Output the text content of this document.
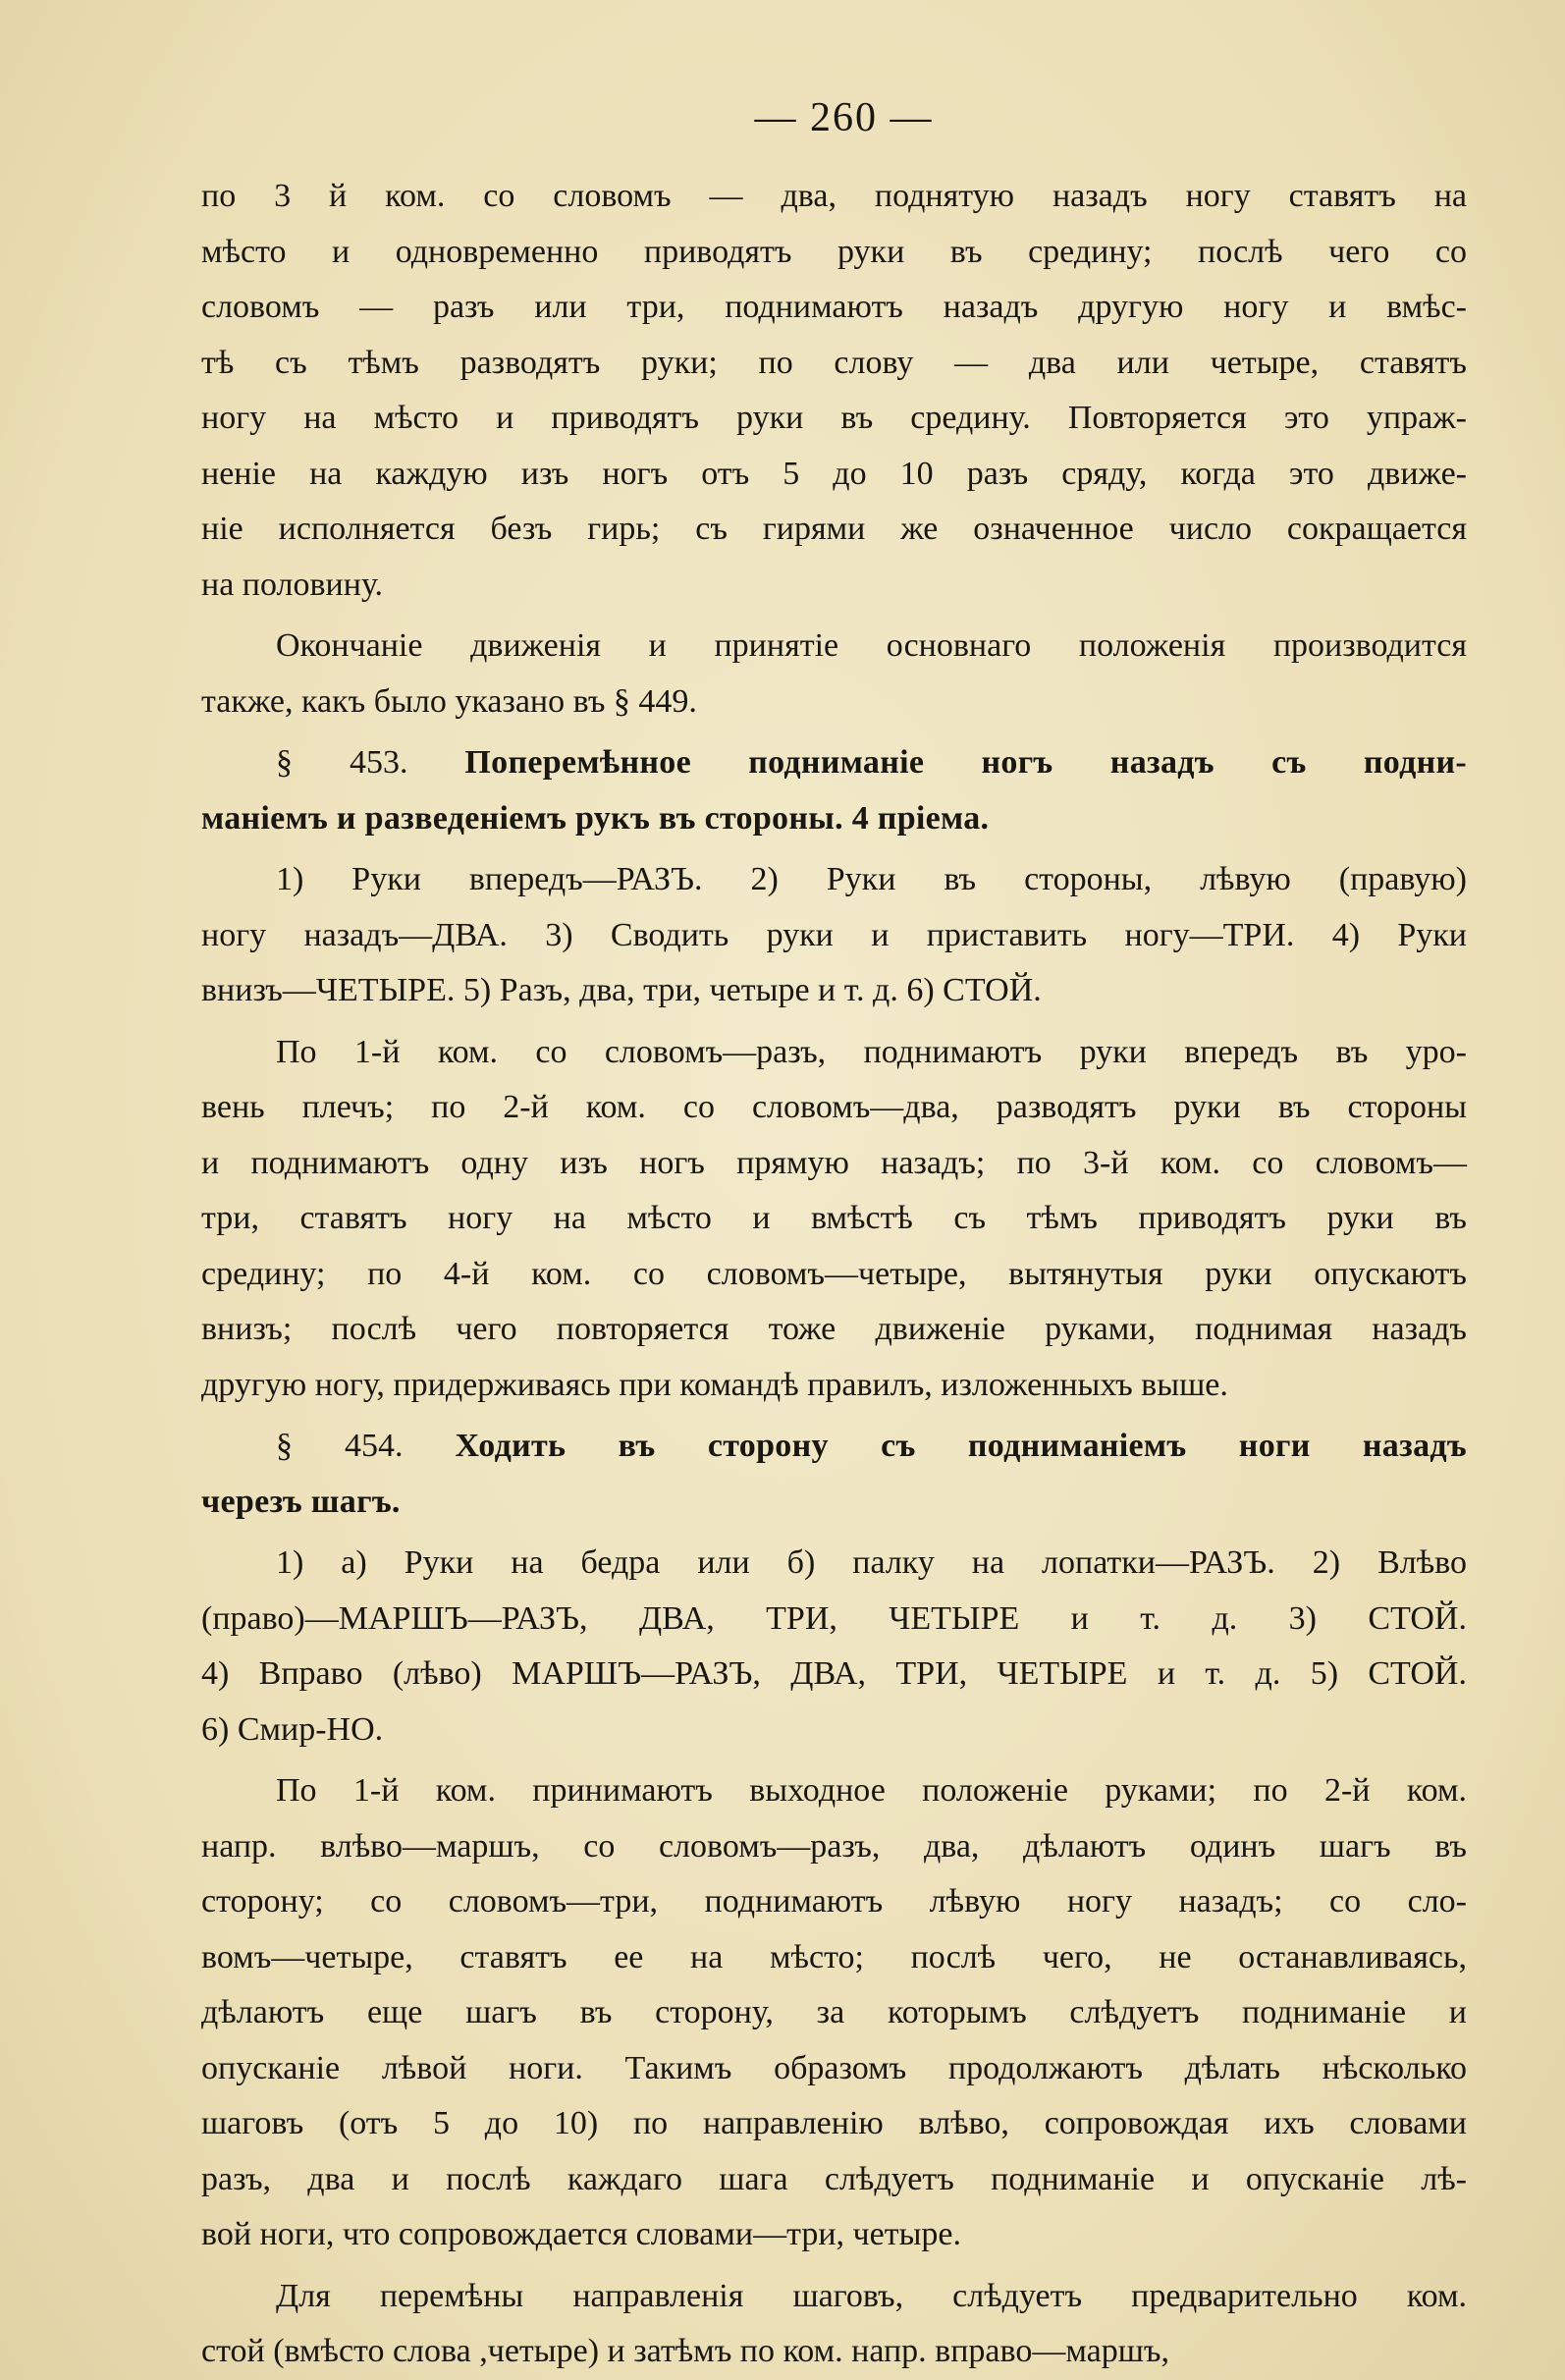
— 260 —
по 3 й ком. со словомъ — два, поднятую назадъ ногу ставятъ на
мѣсто и одновременно приводятъ руки въ средину; послѣ чего со
словомъ — разъ или три, поднимаютъ назадъ другую ногу и вмѣс-
тѣ съ тѣмъ разводятъ руки; по слову — два или четыре, ставятъ
ногу на мѣсто и приводятъ руки въ средину. Повторяется это упраж-
неніе на каждую изъ ногъ отъ 5 до 10 разъ сряду, когда это движе-
ніе исполняется безъ гирь; съ гирями же означенное число сокращается
на половину.
Окончаніе движенія и принятіе основнаго положенія производится
также, какъ было указано въ § 449.
§ 453. Поперемѣнное подниманіе ногъ назадъ съ подни-
маніемъ и разведеніемъ рукъ въ стороны. 4 пріема.
1) Руки впередъ—РАЗЪ. 2) Руки въ стороны, лѣвую (правую)
ногу назадъ—ДВА. 3) Сводить руки и приставить ногу—ТРИ. 4) Руки
внизъ—ЧЕТЫРЕ. 5) Разъ, два, три, четыре и т. д. 6) СТОЙ.
По 1-й ком. со словомъ—разъ, поднимаютъ руки впередъ въ уро-
вень плечъ; по 2-й ком. со словомъ—два, разводятъ руки въ стороны
и поднимаютъ одну изъ ногъ прямую назадъ; по 3-й ком. со словомъ—
три, ставятъ ногу на мѣсто и вмѣстѣ съ тѣмъ приводятъ руки въ
средину; по 4-й ком. со словомъ—четыре, вытянутыя руки опускаютъ
внизъ; послѣ чего повторяется тоже движеніе руками, поднимая назадъ
другую ногу, придерживаясь при командѣ правилъ, изложенныхъ выше.
§ 454. Ходить въ сторону съ подниманіемъ ноги назадъ
черезъ шагъ.
1) а) Руки на бедра или б) палку на лопатки—РАЗЪ. 2) Влѣво
(право)—МАРШЪ—РАЗЪ, ДВА, ТРИ, ЧЕТЫРЕ и т. д. 3) СТОЙ.
4) Вправо (лѣво) МАРШЪ—РАЗЪ, ДВА, ТРИ, ЧЕТЫРЕ и т. д. 5) СТОЙ.
6) Смир-НО.
По 1-й ком. принимаютъ выходное положеніе руками; по 2-й ком.
напр. влѣво—маршъ, со словомъ—разъ, два, дѣлаютъ одинъ шагъ въ
сторону; со словомъ—три, поднимаютъ лѣвую ногу назадъ; со сло-
вомъ—четыре, ставятъ ее на мѣсто; послѣ чего, не останавливаясь,
дѣлаютъ еще шагъ въ сторону, за которымъ слѣдуетъ подниманіе и
опусканіе лѣвой ноги. Такимъ образомъ продолжаютъ дѣлать нѣсколько
шаговъ (отъ 5 до 10) по направленію влѣво, сопровождая ихъ словами
разъ, два и послѣ каждаго шага слѣдуетъ подниманіе и опусканіе лѣ-
вой ноги, что сопровождается словами—три, четыре.
Для перемѣны направленія шаговъ, слѣдуетъ предварительно ком.
стой (вмѣсто слова ,четыре) и затѣмъ по ком. напр. вправо—маршъ,
